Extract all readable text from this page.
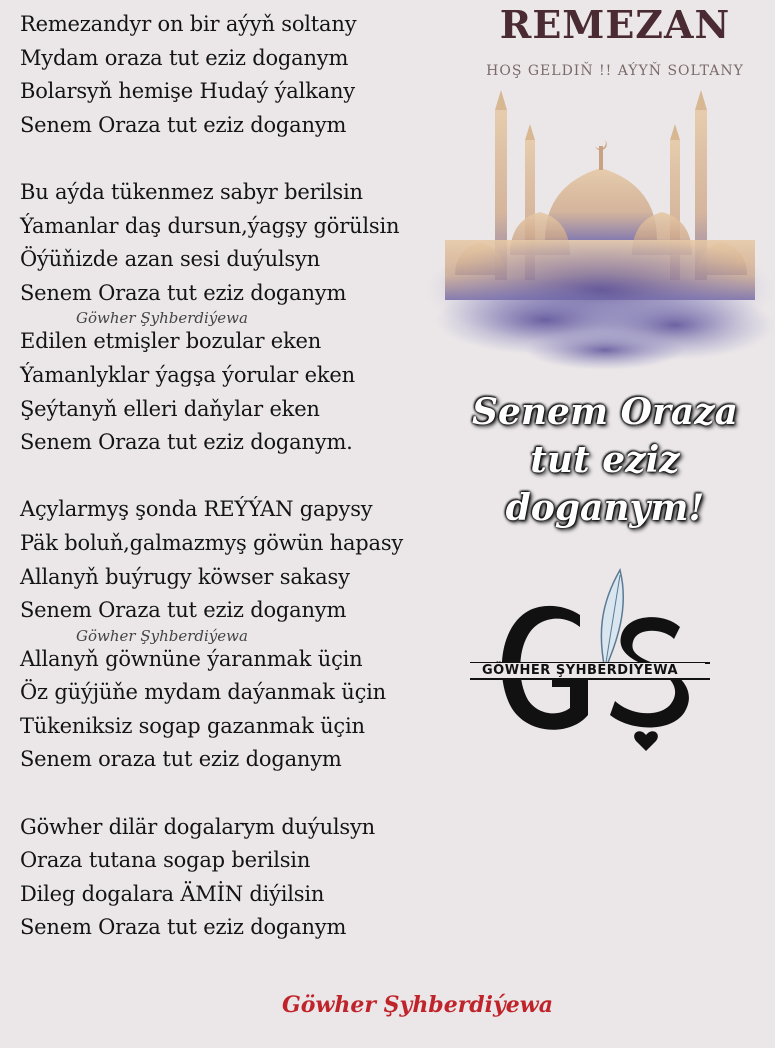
Remezandyr on bir aýyň soltany
Mydam oraza tut eziz doganym
Bolarsyň hemişe Hudaý ýalkany
Senem Oraza tut eziz doganym
Bu aýda tükenmez sabyr berilsin
Ýamanlar daş dursun,ýagşy görülsin
Öýüňizde azan sesi duýulsyn
Senem Oraza tut eziz doganym
Göwher Şyhberdiýewa
Edilen etmişler bozular eken
Ýamanlyklar ýagşa ýorular eken
Şeýtanyň elleri daňylar eken
Senem Oraza tut eziz doganym.
Açylarmyş şonda REÝÝAN gapysy
Päk boluň,galmazmyş göwün hapasy
Allanyň buýrugy köwser sakasy
Senem Oraza tut eziz doganym
Göwher Şyhberdiýewa
Allanyň göwnüne ýaranmak üçin
Öz güýjüňe mydam daýanmak üçin
Tükeniksiz sogap gazanmak üçin
Senem oraza tut eziz doganym
Göwher dilär dogalarym duýulsyn
Oraza tutana sogap berilsin
Dileg dogalara ÄMİN diýilsin
Senem Oraza tut eziz doganym
REMEZAN
HOŞ GELDIŇ !! AÝYŇ SOLTANY
Senem Oraza
tut eziz
doganym!
GÖWHER ŞYHBERDIÝEWA
Göwher Şyhberdiýewa
